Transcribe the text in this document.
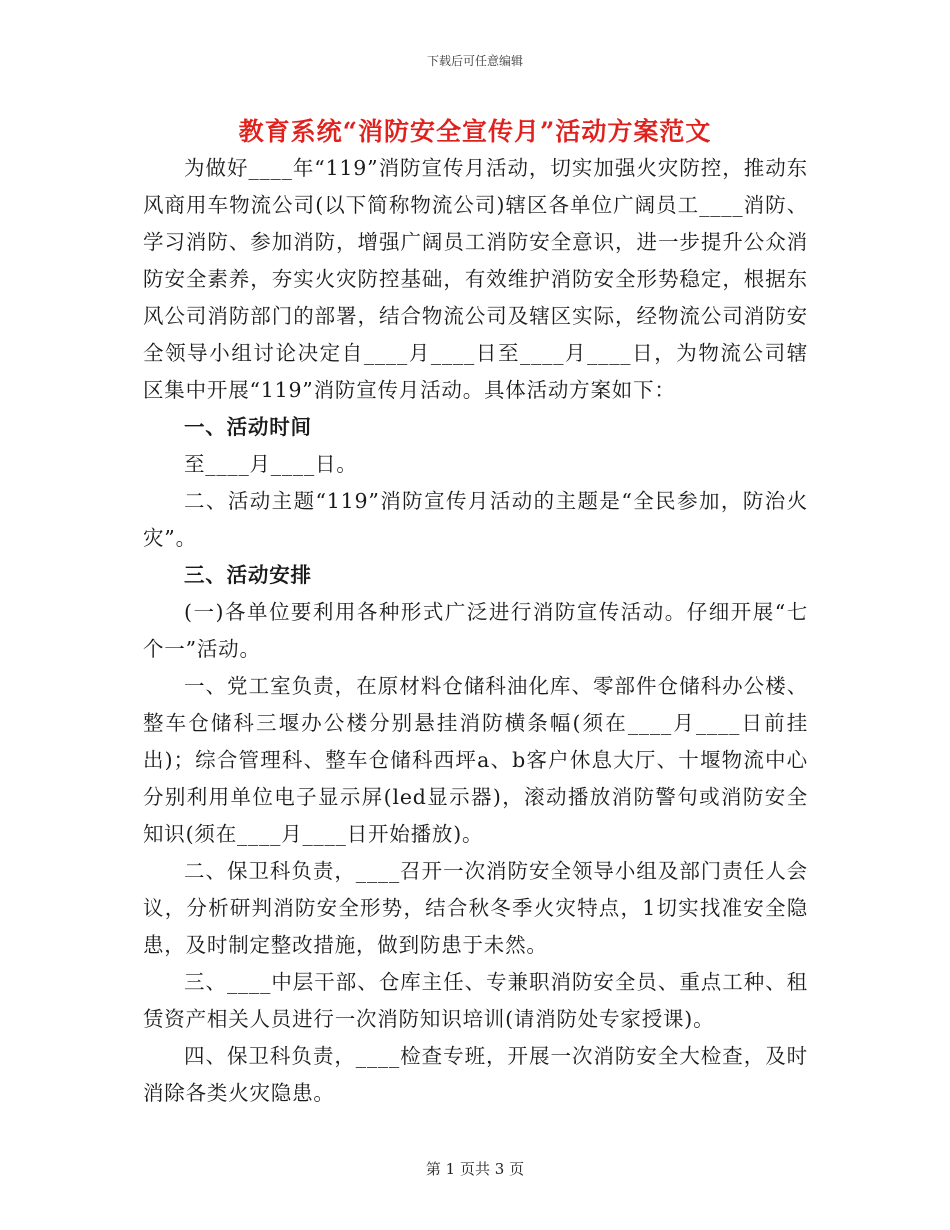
下载后可任意编辑
教育系统“消防安全宣传月”活动方案范文

为做好____年“119”消防宣传月活动，切实加强火灾防控，推动东风商用车物流公司(以下简称物流公司)辖区各单位广阔员工____消防、学习消防、参加消防，增强广阔员工消防安全意识，进一步提升公众消防安全素养，夯实火灾防控基础，有效维护消防安全形势稳定，根据东风公司消防部门的部署，结合物流公司及辖区实际，经物流公司消防安全领导小组讨论决定自____月____日至____月____日，为物流公司辖区集中开展“119”消防宣传月活动。具体活动方案如下：

一、活动时间

至____月____日。

二、活动主题“119”消防宣传月活动的主题是“全民参加，防治火灾”。

三、活动安排

(一)各单位要利用各种形式广泛进行消防宣传活动。仔细开展“七个一”活动。

一、党工室负责，在原材料仓储科油化库、零部件仓储科办公楼、整车仓储科三堰办公楼分别悬挂消防横条幅(须在____月____日前挂出)；综合管理科、整车仓储科西坪a、b客户休息大厅、十堰物流中心分别利用单位电子显示屏(led显示器)，滚动播放消防警句或消防安全知识(须在____月____日开始播放)。

二、保卫科负责，____召开一次消防安全领导小组及部门责任人会议，分析研判消防安全形势，结合秋冬季火灾特点，1切实找准安全隐患，及时制定整改措施，做到防患于未然。

三、____中层干部、仓库主任、专兼职消防安全员、重点工种、租赁资产相关人员进行一次消防知识培训(请消防处专家授课)。

四、保卫科负责，____检查专班，开展一次消防安全大检查，及时消除各类火灾隐患。

第 1 页共 3 页
